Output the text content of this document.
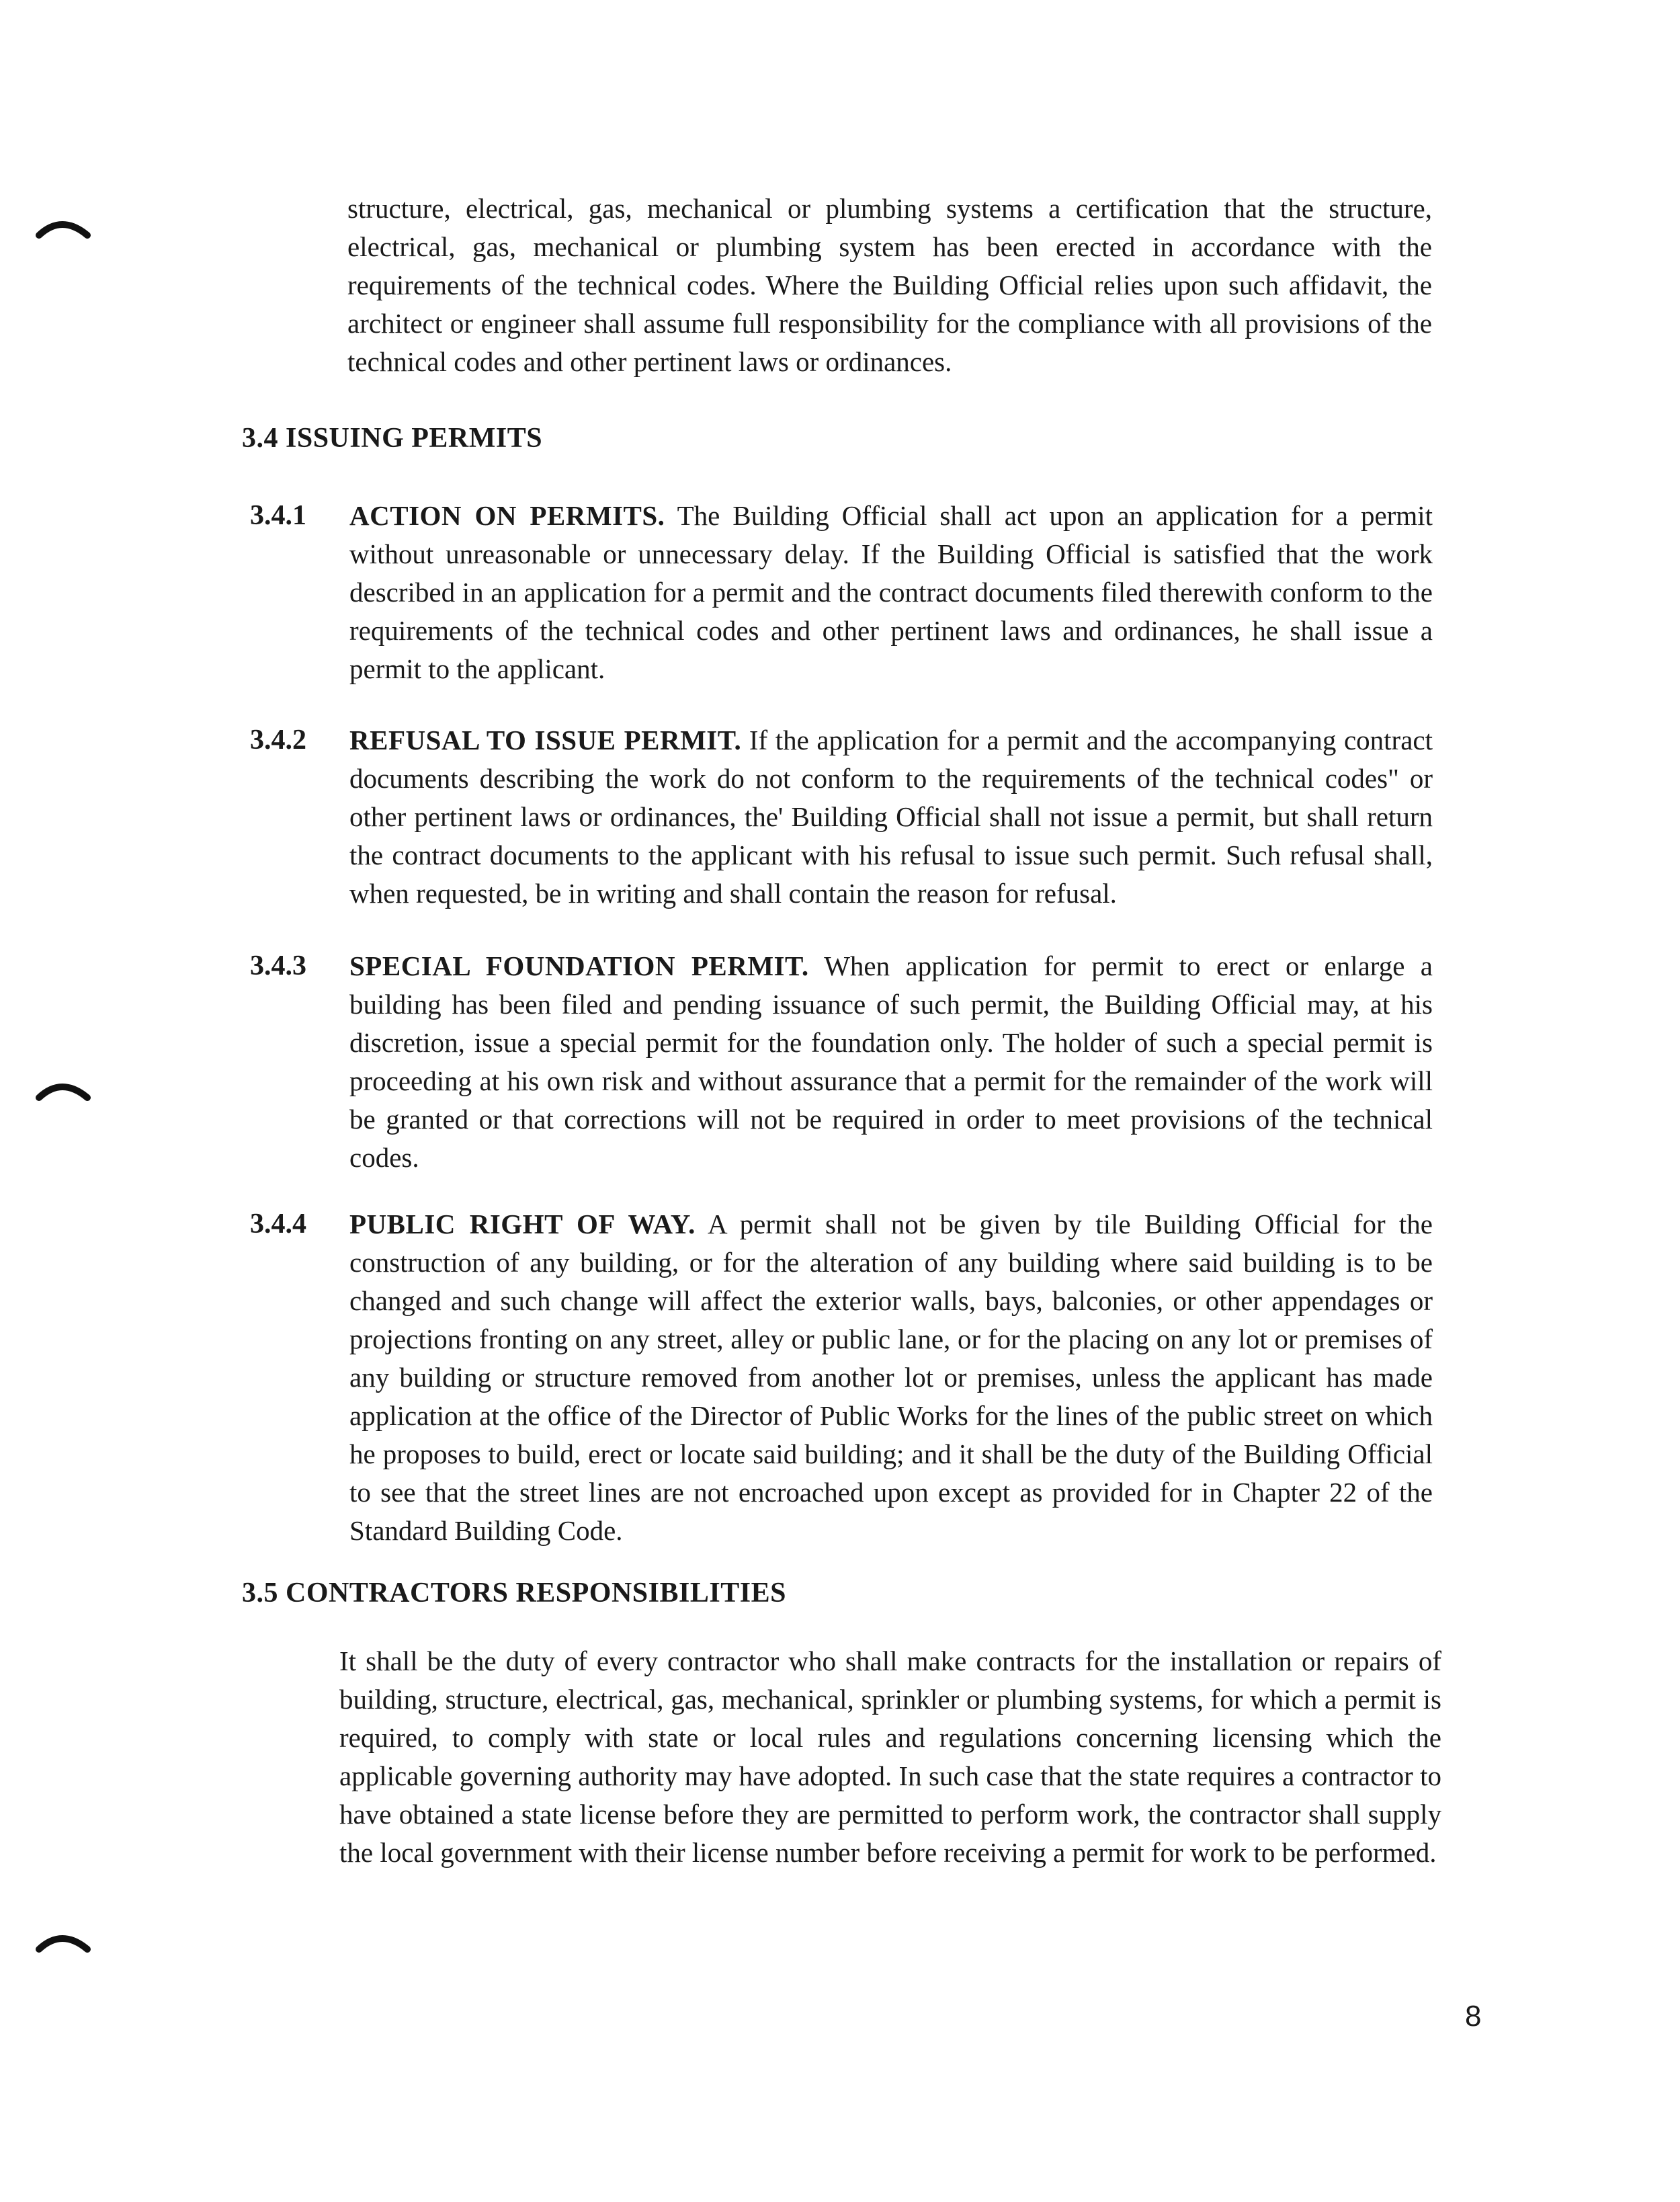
structure, electrical, gas, mechanical or plumbing systems a certification that the structure, electrical, gas, mechanical or plumbing system has been erected in accordance with the requirements of the technical codes. Where the Building Official relies upon such affidavit, the architect or engineer shall assume full responsibility for the compliance with all provisions of the technical codes and other pertinent laws or ordinances.

3.4 ISSUING PERMITS
3.4.1 ACTION ON PERMITS. The Building Official shall act upon an application for a permit without unreasonable or unnecessary delay. If the Building Official is satisfied that the work described in an application for a permit and the contract documents filed therewith conform to the requirements of the technical codes and other pertinent laws and ordinances, he shall issue a permit to the applicant.

3.4.2 REFUSAL TO ISSUE PERMIT. If the application for a permit and the accompanying contract documents describing the work do not conform to the requirements of the technical codes" or other pertinent laws or ordinances, the' Building Official shall not issue a permit, but shall return the contract documents to the applicant with his refusal to issue such permit. Such refusal shall, when requested, be in writing and shall contain the reason for refusal.

3.4.3 SPECIAL FOUNDATION PERMIT. When application for permit to erect or enlarge a building has been filed and pending issuance of such permit, the Building Official may, at his discretion, issue a special permit for the foundation only. The holder of such a special permit is proceeding at his own risk and without assurance that a permit for the remainder of the work will be granted or that corrections will not be required in order to meet provisions of the technical codes.

3.4.4 PUBLIC RIGHT OF WAY. A permit shall not be given by tile Building Official for the construction of any building, or for the alteration of any building where said building is to be changed and such change will affect the exterior walls, bays, balconies, or other appendages or projections fronting on any street, alley or public lane, or for the placing on any lot or premises of any building or structure removed from another lot or premises, unless the applicant has made application at the office of the Director of Public Works for the lines of the public street on which he proposes to build, erect or locate said building; and it shall be the duty of the Building Official to see that the street lines are not encroached upon except as provided for in Chapter 22 of the Standard Building Code.

3.5 CONTRACTORS RESPONSIBILITIES

It shall be the duty of every contractor who shall make contracts for the installation or repairs of building, structure, electrical, gas, mechanical, sprinkler or plumbing systems, for which a permit is required, to comply with state or local rules and regulations concerning licensing which the applicable governing authority may have adopted. In such case that the state requires a contractor to have obtained a state license before they are permitted to perform work, the contractor shall supply the local government with their license number before receiving a permit for work to be performed.

8
